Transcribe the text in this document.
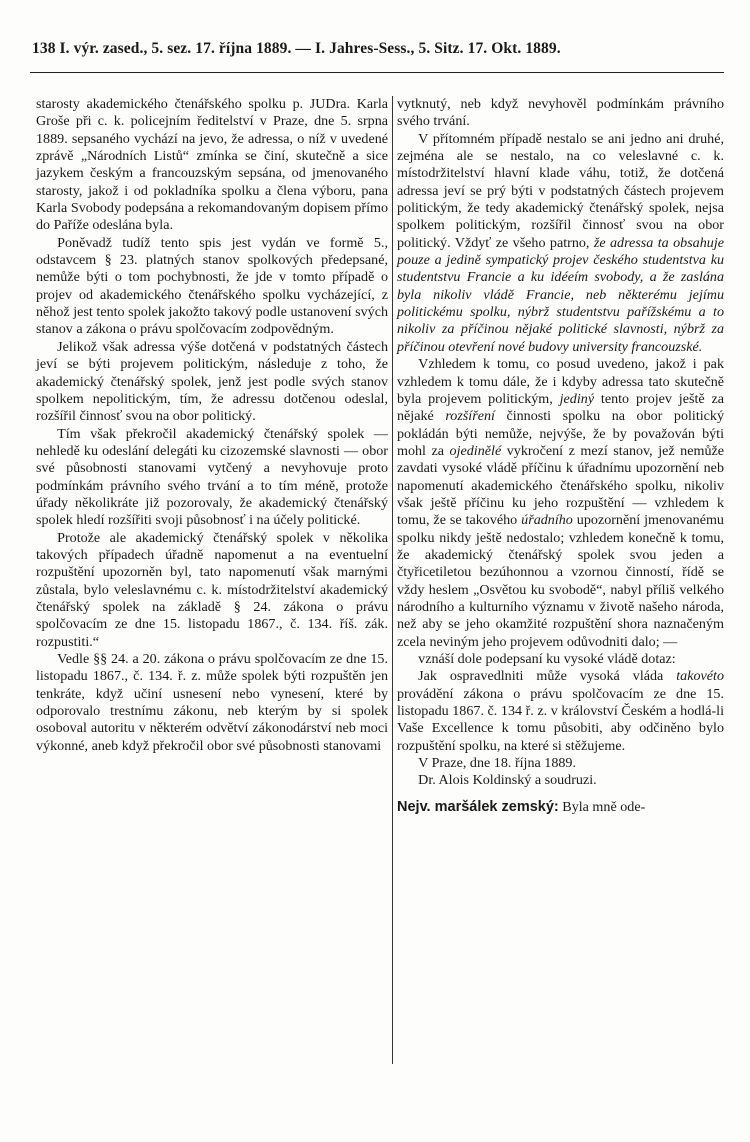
138 I. výr. zased., 5. sez. 17. října 1889. — I. Jahres-Sess., 5. Sitz. 17. Okt. 1889.

starosty akademického čtenářského spolku p. JUDra. Karla Groše při c. k. policejním ředitelství v Praze, dne 5. srpna 1889. sepsaného vychází na jevo, že adressa, o níž v uvedené zprávě „Národních Listů“ zmínka se činí, skutečně a sice jazykem českým a francouzským sepsána, od jmenovaného starosty, jakož i od pokladníka spolku a člena výboru, pana Karla Svobody podepsána a rekomandovaným dopisem přímo do Paříže odeslána byla.

Poněvadž tudíž tento spis jest vydán ve formě 5., odstavcem § 23. platných stanov spolkových předepsané, nemůže býti o tom pochybnosti, že jde v tomto případě o projev od akademického čtenářského spolku vycházející, z něhož jest tento spolek jakožto takový podle ustanovení svých stanov a zákona o právu spolčovacím zodpovědným.

Jelikož však adressa výše dotčená v podstatných částech jeví se býti projevem politickým, následuje z toho, že akademický čtenářský spolek, jenž jest podle svých stanov spolkem nepolitickým, tím, že adressu dotčenou odeslal, rozšířil činnosť svou na obor politický.

Tím však překročil akademický čtenářský spolek — nehledě ku odeslání delegáti ku cizozemské slavnosti — obor své působnosti stanovami vytčený a nevyhovuje proto podmínkám právního svého trvání a to tím méně, protože úřady několikráte již pozorovaly, že akademický čtenářský spolek hledí rozšířiti svoji působnosť i na účely politické.

Protože ale akademický čtenářský spolek v několika takových případech úřadně napomenut a na eventuelní rozpuštění upozorněn byl, tato napomenutí však marnými zůstala, bylo veleslavnému c. k. místodržitelství akademický čtenářský spolek na základě § 24. zákona o právu spolčovacím ze dne 15. listopadu 1867., č. 134. říš. zák. rozpustiti.“

Vedle §§ 24. a 20. zákona o právu spolčovacím ze dne 15. listopadu 1867., č. 134. ř. z. může spolek býti rozpuštěn jen tenkráte, když učiní usnesení nebo vynesení, které by odporovalo trestnímu zákonu, neb kterým by si spolek osoboval autoritu v některém odvětví zákonodárství neb moci výkonné, aneb když překročil obor své působnosti stanovami

vytknutý, neb když nevyhověl podmínkám právního svého trvání.

V přítomném případě nestalo se ani jedno ani druhé, zejména ale se nestalo, na co veleslavné c. k. místodržitelství hlavní klade váhu, totiž, že dotčená adressa jeví se prý býti v podstatných částech projevem politickým, že tedy akademický čtenářský spolek, nejsa spolkem politickým, rozšířil činnosť svou na obor politický. Vždyť ze všeho patrno, že adressa ta obsahuje pouze a jedině sympatický projev českého studentstva ku studentstvu Francie a ku idéeím svobody, a že zaslána byla nikoliv vládě Francie, neb některému jejímu politickému spolku, nýbrž studentstvu pařížskému a to nikoliv za příčinou nějaké politické slavnosti, nýbrž za příčinou otevření nové budovy university francouzské.

Vzhledem k tomu, co posud uvedeno, jakož i pak vzhledem k tomu dále, že i kdyby adressa tato skutečně byla projevem politickým, jediný tento projev ještě za nějaké rozšíření činnosti spolku na obor politický pokládán býti nemůže, nejvýše, že by považován býti mohl za ojedinělé vykročení z mezí stanov, jež nemůže zavdati vysoké vládě příčinu k úřadnímu upozornění neb napomenutí akademického čtenářského spolku, nikoliv však ještě příčinu ku jeho rozpuštění — vzhledem k tomu, že se takového úřadního upozornění jmenovanému spolku nikdy ještě nedostalo; vzhledem konečně k tomu, že akademický čtenářský spolek svou jeden a čtyřicetiletou bezúhonnou a vzornou činností, řídě se vždy heslem „Osvětou ku svobodě“, nabyl příliš velkého národního a kulturního významu v životě našeho národa, než aby se jeho okamžité rozpuštění shora naznačeným zcela neviným jeho projevem odůvodniti dalo; —

vznáší dole podepsaní ku vysoké vládě dotaz:

Jak ospravedlniti může vysoká vláda takovéto provádění zákona o právu spolčovacím ze dne 15. listopadu 1867. č. 134 ř. z. v království Českém a hodlá-li Vaše Excellence k tomu působiti, aby odčiněno bylo rozpuštění spolku, na které si stěžujeme.

V Praze, dne 18. října 1889.

Dr. Alois Koldinský a soudruzi.

Nejv. maršálek zemský: Byla mně ode-
